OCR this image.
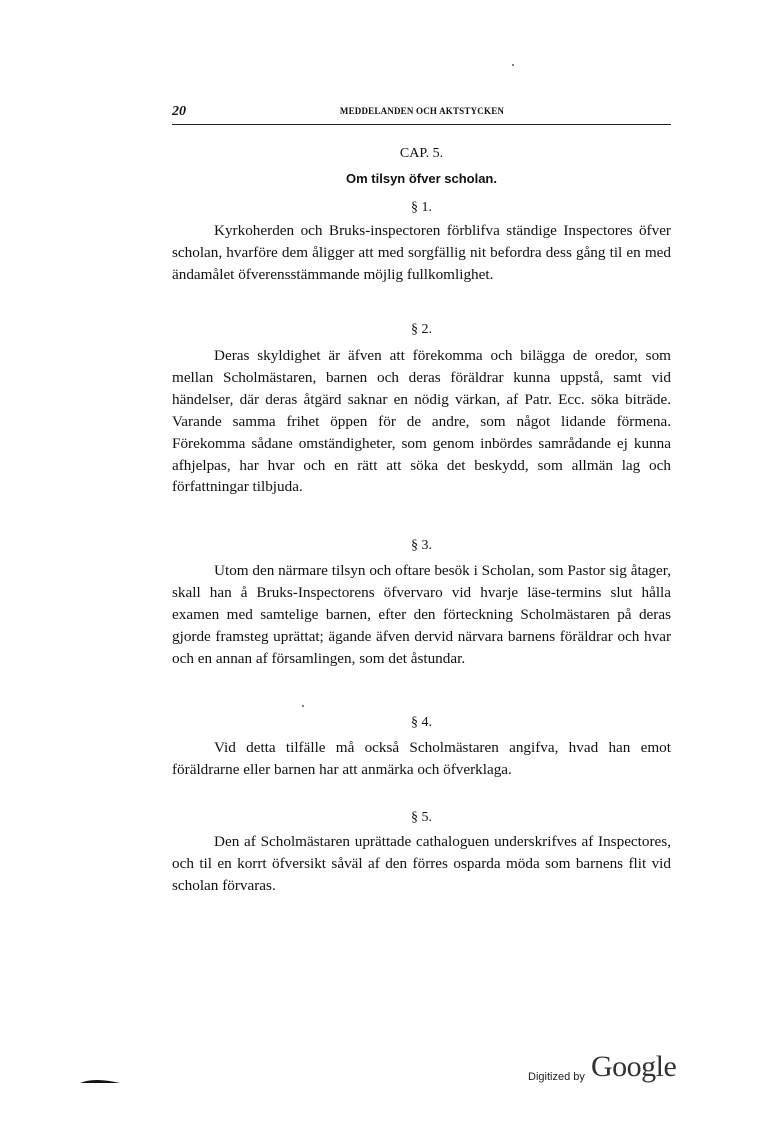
20	MEDDELANDEN OCH AKTSTYCKEN
CAP. 5.
Om tilsyn öfver scholan.
§ 1.

Kyrkoherden och Bruks-inspectoren förblifva ständige Inspectores öfver scholan, hvarföre dem åligger att med sorgfällig nit befordra dess gång til en med ändamålet öfverensstämmande möjlig fullkomlighet.

§ 2.

Deras skyldighet är äfven att förekomma och bilägga de oredor, som mellan Scholmästaren, barnen och deras föräldrar kunna uppstå, samt vid händelser, där deras åtgärd saknar en nödig värkan, af Patr. Ecc. söka biträde. Varande samma frihet öppen för de andre, som något lidande förmena. Förekomma sådane omständigheter, som genom inbördes samrådande ej kunna afhjelpas, har hvar och en rätt att söka det beskydd, som allmän lag och författningar tilbjuda.

§ 3.

Utom den närmare tilsyn och oftare besök i Scholan, som Pastor sig åtager, skall han å Bruks-Inspectorens öfvervaro vid hvarje läse-termins slut hålla examen med samtelige barnen, efter den förteckning Scholmästaren på deras gjorde framsteg uprättat; ägande äfven dervid närvara barnens föräldrar och hvar och en annan af församlingen, som det åstundar.

§ 4.

Vid detta tilfälle må också Scholmästaren angifva, hvad han emot föräldrarne eller barnen har att anmärka och öfverklaga.

§ 5.

Den af Scholmästaren uprättade cathaloguen underskrifves af Inspectores, och til en korrt öfversikt såväl af den förres osparda möda som barnens flit vid scholan förvaras.

Digitized by Google
